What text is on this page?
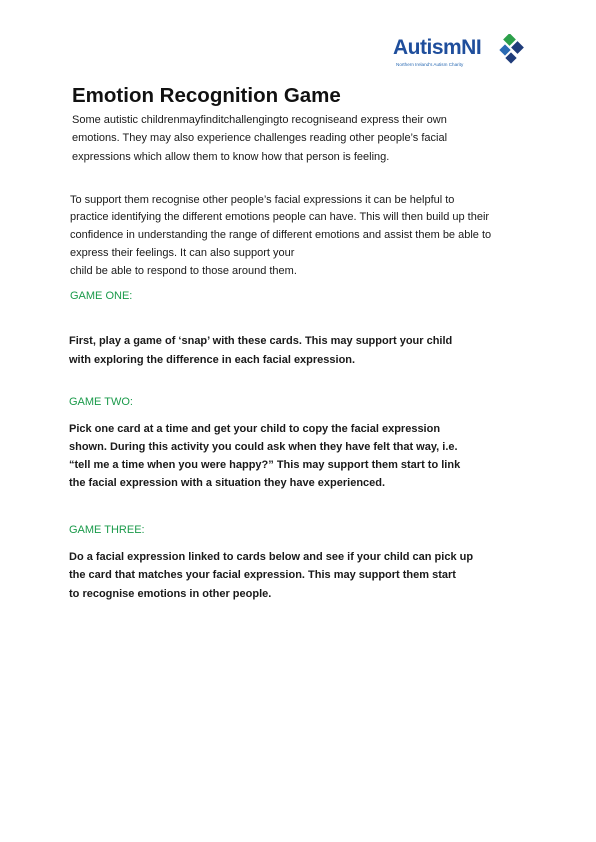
AutismNI
Northern Ireland's Autism Charity
Emotion Recognition Game
Some autistic childrenmayfinditchallengingto recogniseand express their own
emotions. They may also experience challenges reading other people’s facial
expressions which allow them to know how that person is feeling.
To support them recognise other people’s facial expressions it can be helpful to
practice identifying the different emotions people can have. This will then build up their
confidence in understanding the range of different emotions and assist them be able to
express their feelings. It can also support your
child be able to respond to those around them.
GAME ONE:
First, play a game of ‘snap’ with these cards. This may support your child
with exploring the difference in each facial expression.
GAME TWO:
Pick one card at a time and get your child to copy the facial expression
shown. During this activity you could ask when they have felt that way, i.e.
“tell me a time when you were happy?” This may support them start to link
the facial expression with a situation they have experienced.
GAME THREE:
Do a facial expression linked to cards below and see if your child can pick up
the card that matches your facial expression. This may support them start
to recognise emotions in other people.
